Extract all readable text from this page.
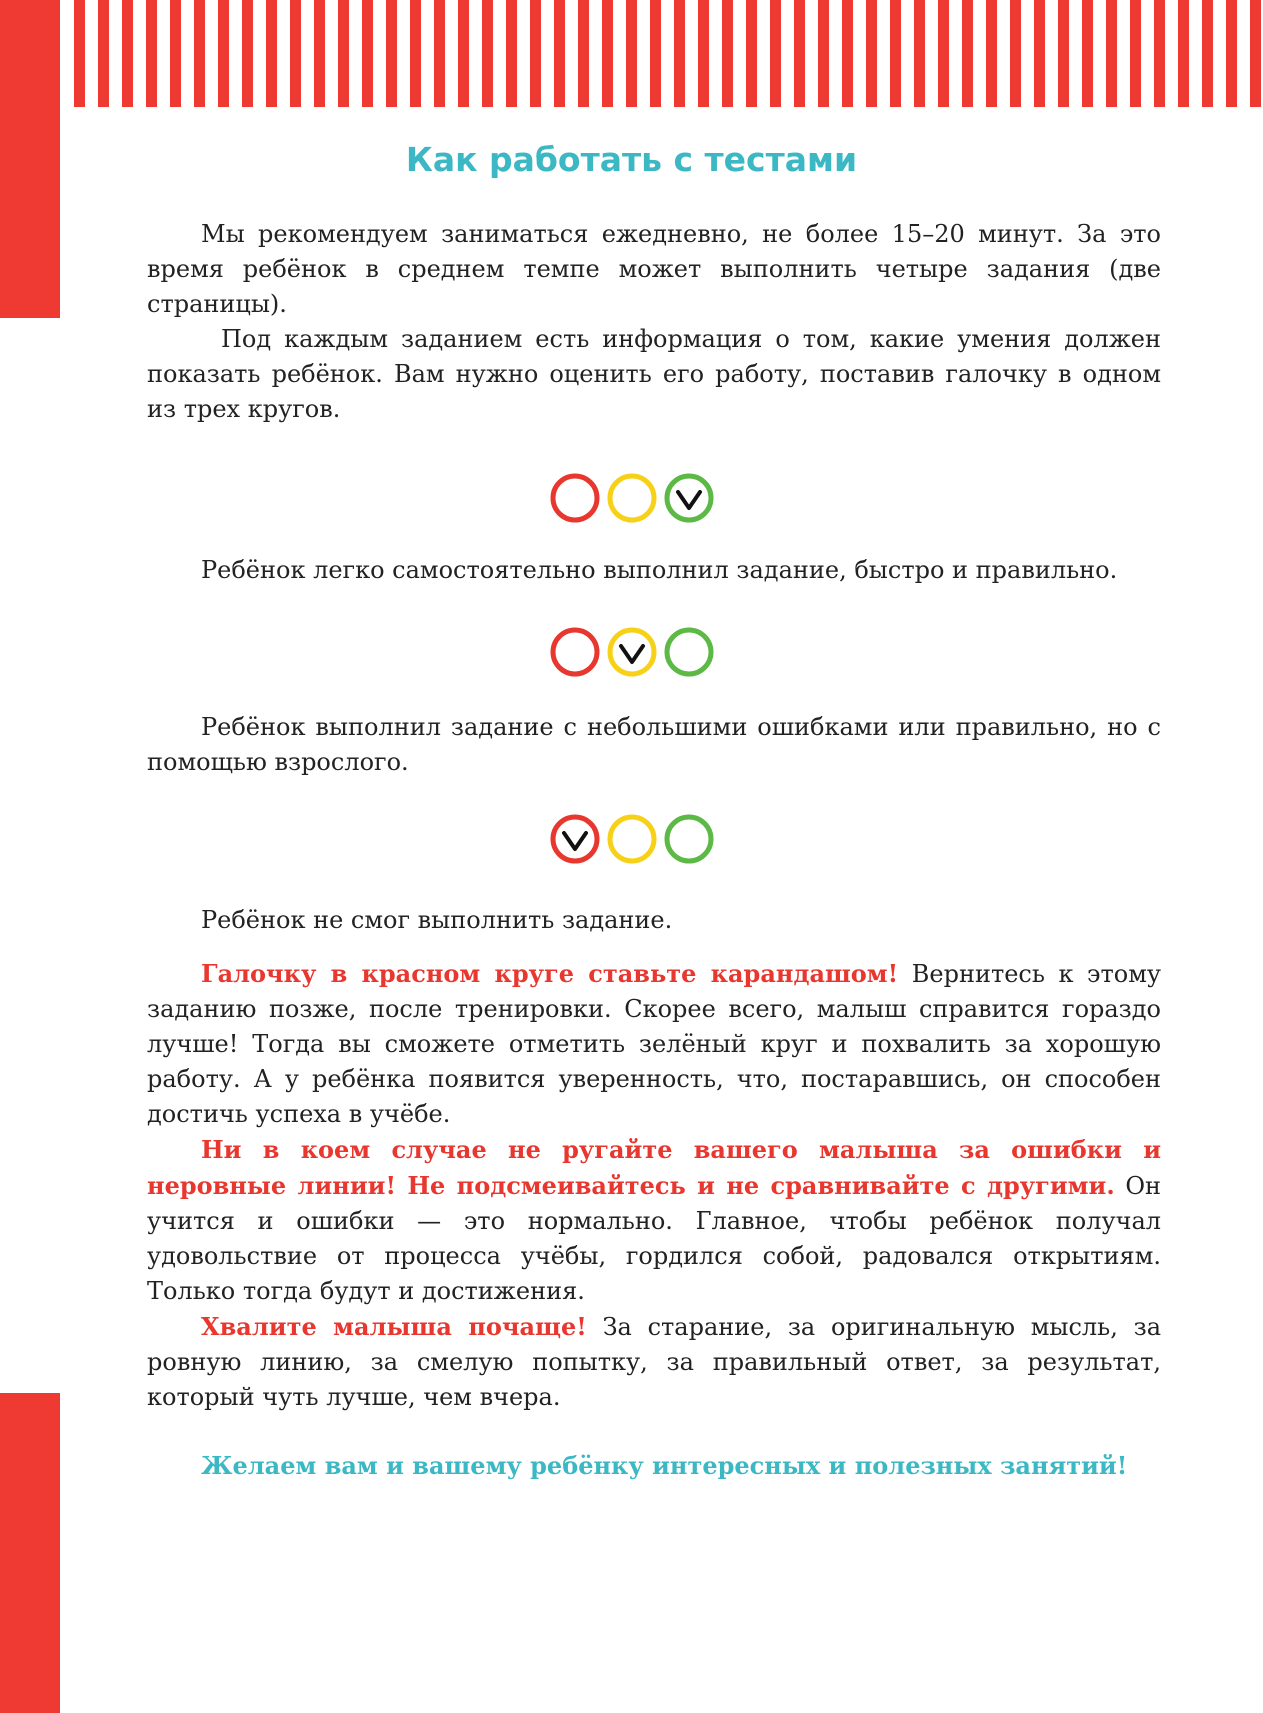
Как работать с тестами

Мы рекомендуем заниматься ежедневно, не более 15–20 минут. За это время ребёнок в среднем темпе может выполнить четыре задания (две страницы).

Под каждым заданием есть информация о том, какие умения должен показать ребёнок. Вам нужно оценить его работу, поставив галочку в одном из трех кругов.

Ребёнок легко самостоятельно выполнил задание, быстро и правильно.

Ребёнок выполнил задание с небольшими ошибками или правильно, но с помощью взрослого.

Ребёнок не смог выполнить задание.

Галочку в красном круге ставьте карандашом! Вернитесь к этому заданию позже, после тренировки. Скорее всего, малыш справится гораздо лучше! Тогда вы сможете отметить зелёный круг и похвалить за хорошую работу. А у ребёнка появится уверенность, что, постаравшись, он способен достичь успеха в учёбе.

Ни в коем случае не ругайте вашего малыша за ошибки и неровные линии! Не подсмеивайтесь и не сравнивайте с другими. Он учится и ошибки — это нормально. Главное, чтобы ребёнок получал удовольствие от процесса учёбы, гордился собой, радовался открытиям. Только тогда будут и достижения.

Хвалите малыша почаще! За старание, за оригинальную мысль, за ровную линию, за смелую попытку, за правильный ответ, за результат, который чуть лучше, чем вчера.

Желаем вам и вашему ребёнку интересных и полезных занятий!
